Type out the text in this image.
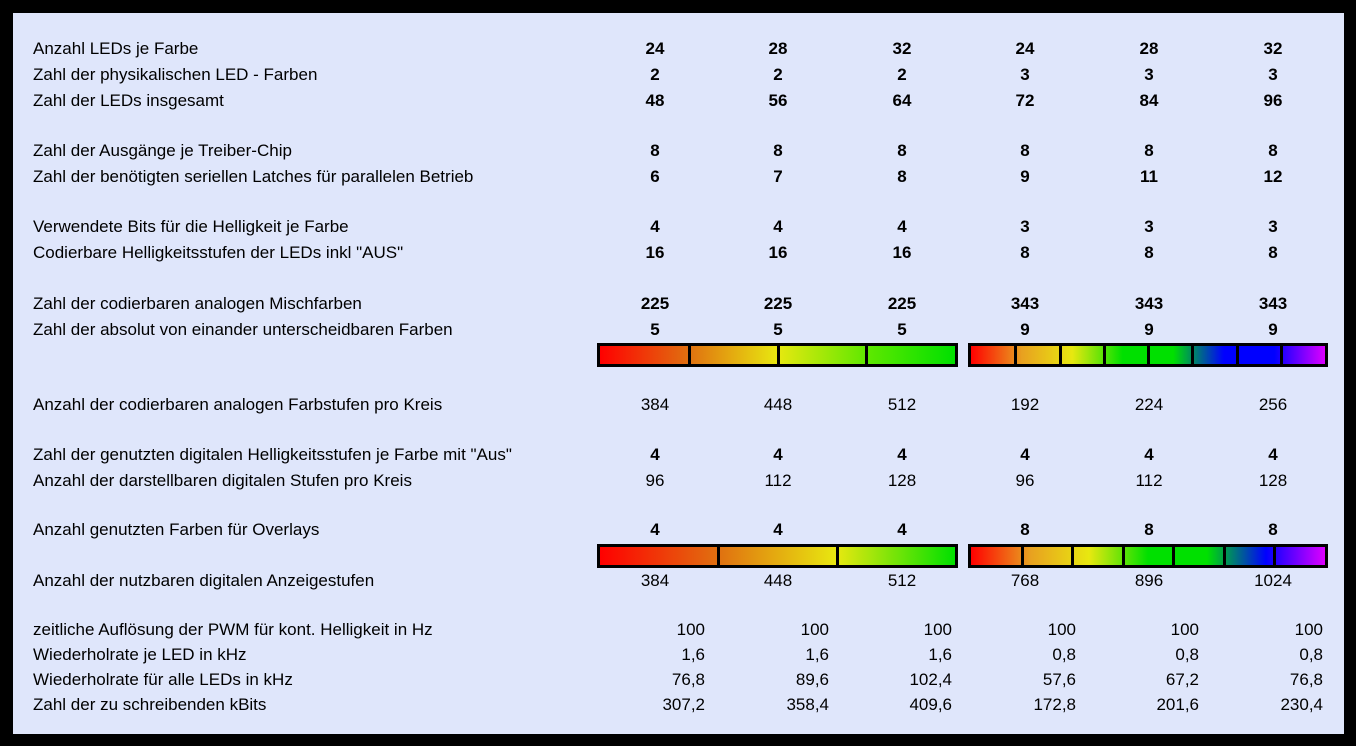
Anzahl LEDs je Farbe	24	28	32	24	28	32
Zahl der physikalischen LED - Farben	2	2	2	3	3	3
Zahl der LEDs insgesamt	48	56	64	72	84	96
Zahl der Ausgänge je Treiber-Chip	8	8	8	8	8	8
Zahl der benötigten seriellen Latches für parallelen Betrieb	6	7	8	9	11	12
Verwendete Bits für die Helligkeit je Farbe	4	4	4	3	3	3
Codierbare Helligkeitsstufen der LEDs inkl "AUS"	16	16	16	8	8	8
Zahl der codierbaren analogen Mischfarben	225	225	225	343	343	343
Zahl der absolut von einander unterscheidbaren Farben	5	5	5	9	9	9
Anzahl der codierbaren analogen Farbstufen pro Kreis	384	448	512	192	224	256
Zahl der genutzten digitalen Helligkeitsstufen je Farbe mit "Aus"	4	4	4	4	4	4
Anzahl der darstellbaren digitalen Stufen pro Kreis	96	112	128	96	112	128
Anzahl genutzten Farben für Overlays	4	4	4	8	8	8
Anzahl der nutzbaren digitalen Anzeigestufen	384	448	512	768	896	1024
zeitliche Auflösung der PWM für kont. Helligkeit in Hz	100	100	100	100	100	100
Wiederholrate je LED in kHz	1,6	1,6	1,6	0,8	0,8	0,8
Wiederholrate für alle LEDs in kHz	76,8	89,6	102,4	57,6	67,2	76,8
Zahl der zu schreibenden kBits	307,2	358,4	409,6	172,8	201,6	230,4
